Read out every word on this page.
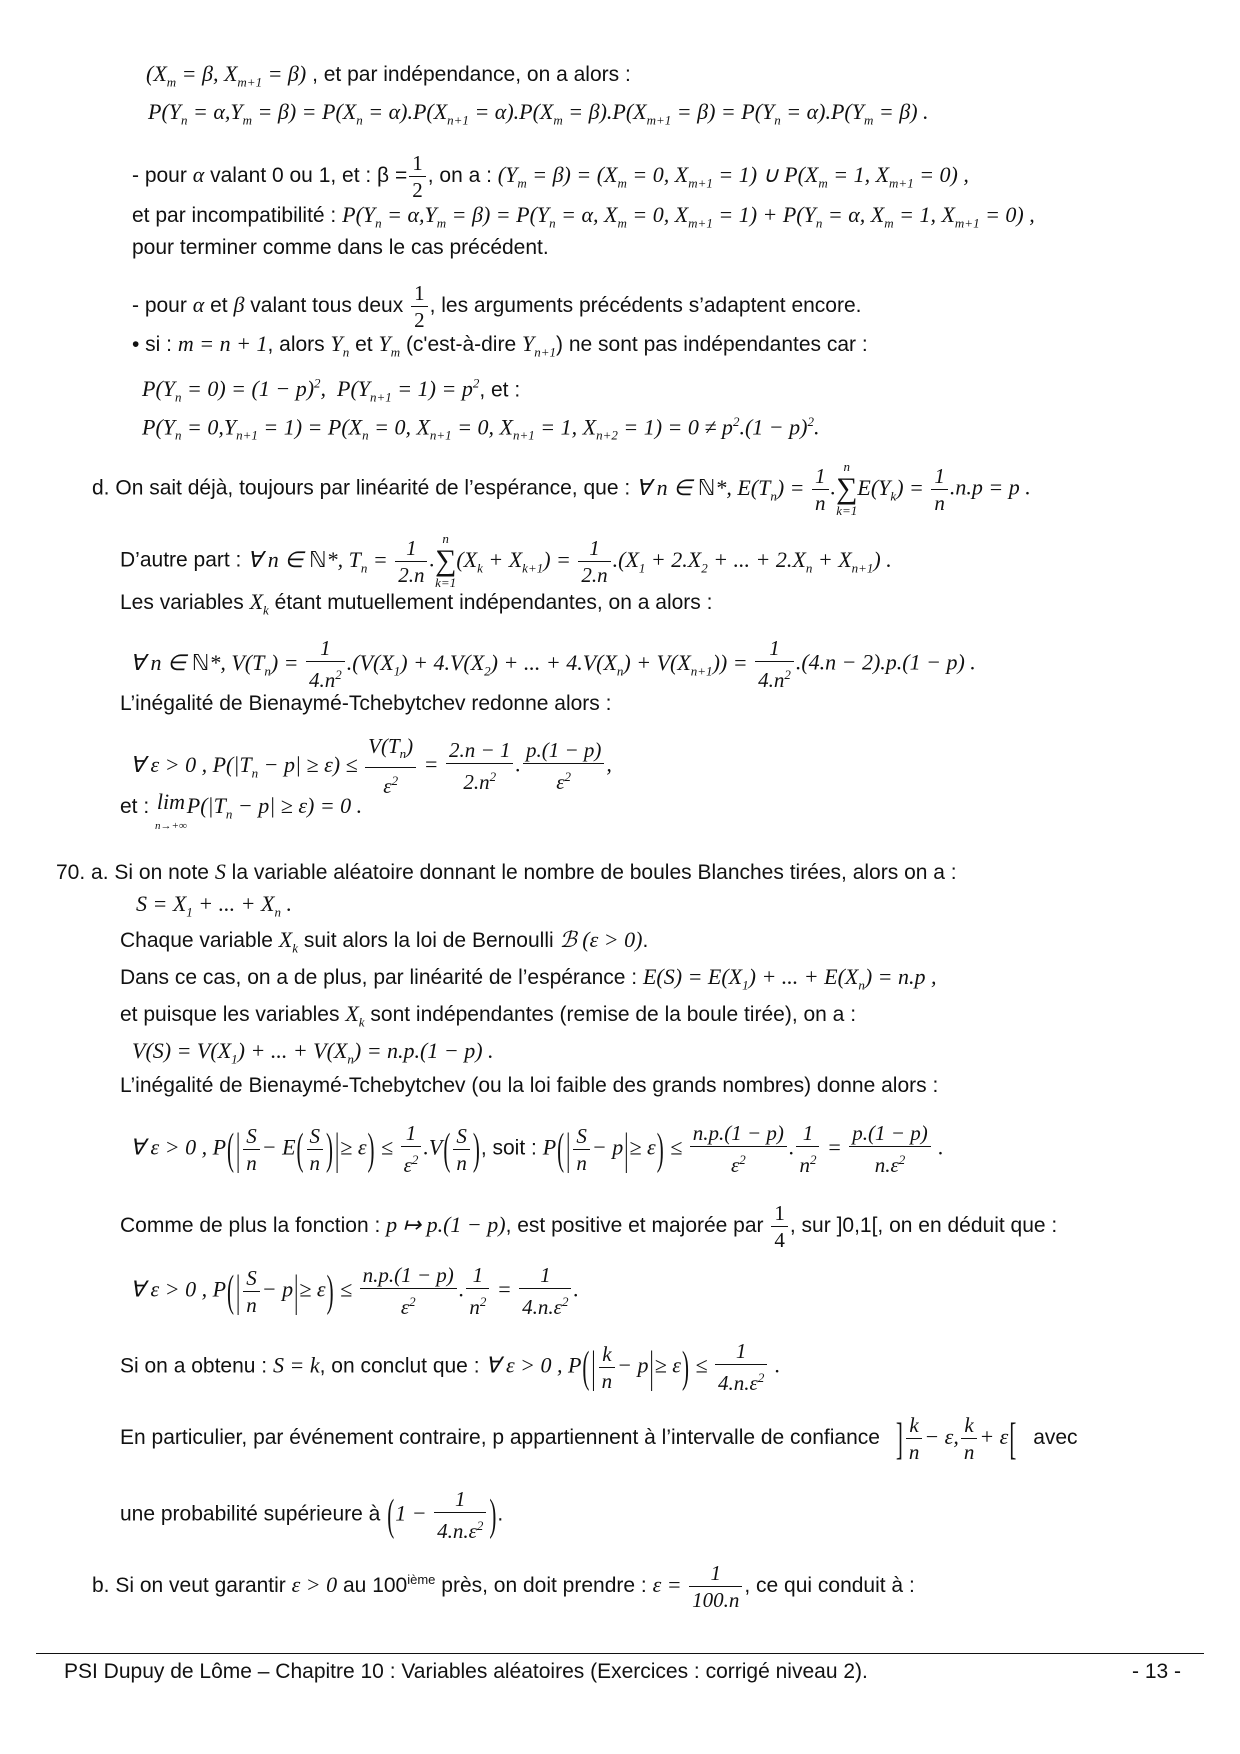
($X_m = \beta$, $X_{m+1} = \beta$) , et par indépendance, on a alors :
$P(Y_n = \alpha,Y_m = \beta) = P(X_n = \alpha).P(X_{n+1} = \alpha).P(X_m = \beta).P(X_{m+1} = \beta) = P(Y_n = \alpha).P(Y_m = \beta)$ .
- pour α valant 0 ou 1, et : $\beta = \frac{1}{2}$ , on a : $(Y_m = \beta) = (X_m = 0$, $X_{m+1} = 1$) ∪ $P(X_m = 1$, $X_{m+1} = 0$) ,
et par incompatibilité : $P(Y_n = \alpha,Y_m = \beta) = P(Y_n = \alpha$, $X_m = 0$, $X_{m+1} = 1) + P(Y_n = \alpha$, $X_m = 1$, $X_{m+1} = 0$) ,
pour terminer comme dans le cas précédent.
- pour α et β valant tous deux $\frac{1}{2}$ , les arguments précédents s’adaptent encore.
• si : m = n + 1, alors $Y_n$ et $Y_m$ (c'est-à-dire $Y_{n+1}$) ne sont pas indépendantes car :
$P(Y_n = 0) = (1 - p)^2$,  $P(Y_{n+1} = 1) = p^2$, et :
$P(Y_n = 0,Y_{n+1} = 1) = P(X_n = 0$, $X_{n+1} = 0$, $X_{n+1} = 1$, $X_{n+2} = 1) = 0 \ne p^2.(1 - p)^2$.
d. On sait déjà, toujours par linéarité de l’espérance, que : ∀ n ∈ ℕ*, $E(T_n) = \frac{1}{n}$ .
n
∑
k=1
$E(Y_k) = \frac{1}{n} .n.p = p$ .
D’autre part : ∀ n ∈ ℕ*, $T_n = \frac{1}{2.n}$ .
n
∑
k=1
$(X_k + X_{k+1}) = \frac{1}{2.n} .(X_1 + 2.X_2$ + ... + $2.X_n + X_{n+1}$) .
Les variables $X_k$ étant mutuellement indépendantes, on a alors :
∀ n ∈ ℕ*, $V(T_n) = \frac{1}{4.n^2} .(V(X_1) + 4.V(X_2)$ + ... + $4.V(X_n) + V(X_{n+1})) = \frac{1}{4.n^2} .(4.n - 2).p.(1 - p)$ .
L’inégalité de Bienaymé-Tchebytchev redonne alors :
∀ ε > 0 , $P(|T_n - p| \ge \varepsilon) \le \frac{V(T_n)}{\varepsilon^2} = \frac{2.n - 1}{2.n^2}$ . $\frac{p.(1 - p)}{\varepsilon^2}$ ,
et : lim
$n\to+\infty P(|T_n - p| \ge \varepsilon) = 0$ .
70. a. Si on note S la variable aléatoire donnant le nombre de boules Blanches tirées, alors on a :
$S = X_1$ + ... + $X_n$ .
Chaque variable $X_k$ suit alors la loi de Bernoulli ℬ (ε > 0).
Dans ce cas, on a de plus, par linéarité de l’espérance : $E(S) = E(X_1)$ + ... + $E(X_n) = n.p$ ,
et puisque les variables $X_k$ sont indépendantes (remise de la boule tirée), on a :
$V(S) = V(X_1)$ + ... + $V(X_n) = n.p.(1 - p)$ .
L’inégalité de Bienaymé-Tchebytchev (ou la loi faible des grands nombres) donne alors :
∀ ε > 0 , $P(| \frac{S}{n} - E( \frac{S}{n}$ )|≥ $\varepsilon) \le \frac{1}{\varepsilon^2} .V( \frac{S}{n}$ ), soit : $P(| \frac{S}{n} - p|\ge \varepsilon) \le \frac{n.p.(1 - p)}{\varepsilon^2}$ . $\frac{1}{n^2} = \frac{p.(1 - p)}{n.\varepsilon^2}$ .
Comme de plus la fonction : p ↦ p.(1 − p), est positive et majorée par $\frac{1}{4}$ , sur ]0,1[, on en déduit que :
∀ ε > 0 , $P(| \frac{S}{n} - p|\ge \varepsilon) \le \frac{n.p.(1 - p)}{\varepsilon^2}$ . $\frac{1}{n^2} = \frac{1}{4.n.\varepsilon^2}$ .
Si on a obtenu : S = k, on conclut que : ∀ ε > 0 , $P(| \frac{k}{n} - p|\ge \varepsilon) \le \frac{1}{4.n.\varepsilon^2}$ .
En particulier, par événement contraire, p appartiennent à l’intervalle de confiance ] $\frac{k}{n} - \varepsilon$, $\frac{k}{n} + \varepsilon$[ avec
une probabilité supérieure à ($1 - \frac{1}{4.n.\varepsilon^2}$ ).
b. Si on veut garantir ε > 0 au 100ième près, on doit prendre : $\varepsilon = \frac{1}{100.n}$ , ce qui conduit à :
PSI Dupuy de Lôme – Chapitre 10 : Variables aléatoires (Exercices : corrigé niveau 2).	- 13 -
